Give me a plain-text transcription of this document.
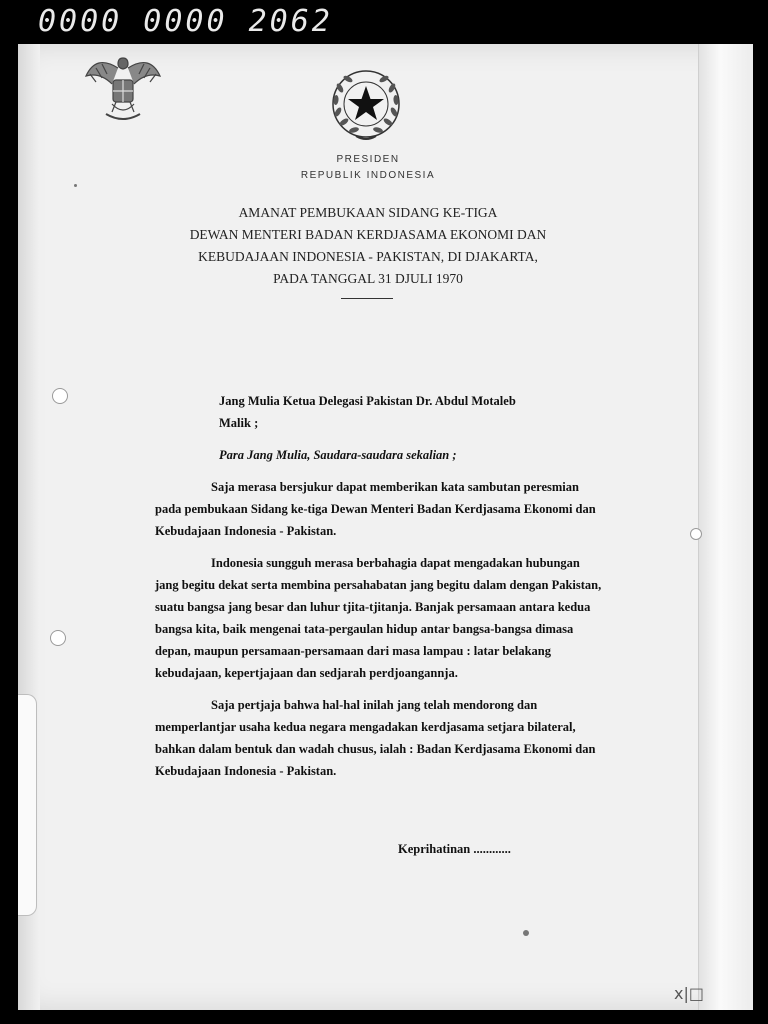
0000 0000 2062
PRESIDEN
REPUBLIK INDONESIA
AMANAT PEMBUKAAN SIDANG KE-TIGA
DEWAN MENTERI BADAN KERDJASAMA EKONOMI DAN
KEBUDAJAAN INDONESIA - PAKISTAN, DI DJAKARTA,
PADA TANGGAL 31 DJULI 1970

Jang Mulia Ketua Delegasi Pakistan Dr. Abdul Motaleb

Malik ;

Para Jang Mulia, Saudara-saudara sekalian ;

Saja merasa bersjukur dapat memberikan kata sambutan peresmian pada pembukaan Sidang ke-tiga Dewan Menteri Badan Kerdjasama Ekonomi dan Kebudajaan Indonesia - Pakistan.

Indonesia sungguh merasa berbahagia dapat mengadakan hubungan jang begitu dekat serta membina persahabatan jang begitu dalam dengan Pakistan, suatu bangsa jang besar dan luhur tjita-tjitanja. Banjak persamaan antara kedua bangsa kita, baik mengenai tata-pergaulan hidup antar bangsa-bangsa dimasa depan, maupun persamaan-persamaan dari masa lampau : latar belakang kebudajaan, kepertjajaan dan sedjarah perdjoangannja.

Saja pertjaja bahwa hal-hal inilah jang telah mendorong dan memperlantjar usaha kedua negara mengadakan kerdjasama setjara bilateral, bahkan dalam bentuk dan wadah chusus, ialah : Badan Kerdjasama Ekonomi dan Kebudajaan Indonesia - Pakistan.

Keprihatinan ............
x|□
